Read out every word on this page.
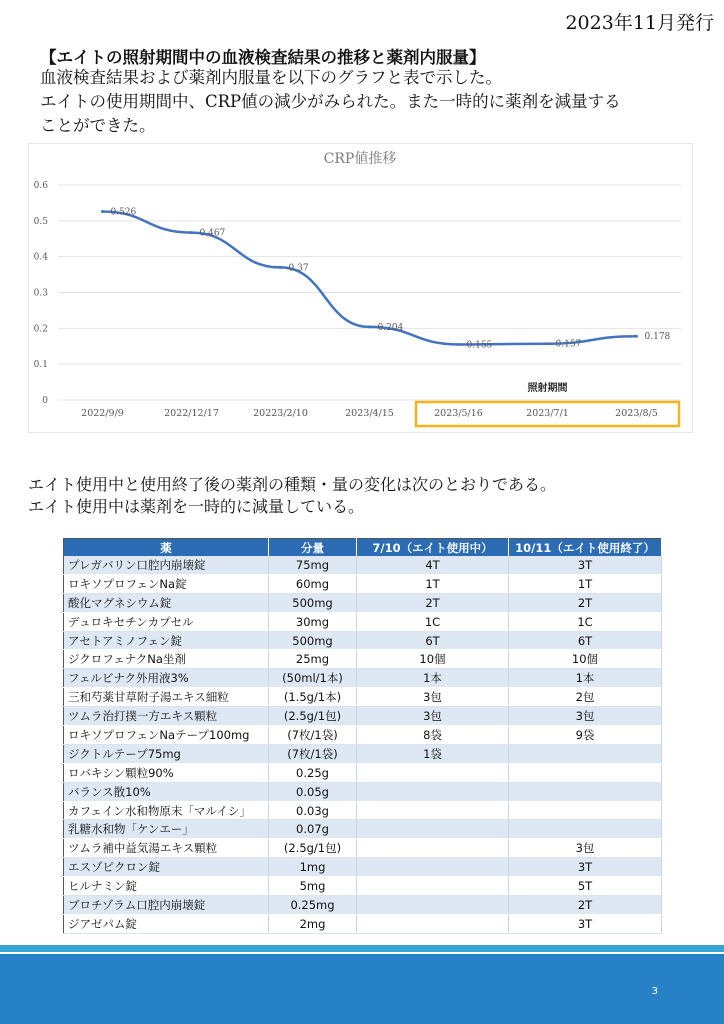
2023年11月発行
【エイトの照射期間中の血液検査結果の推移と薬剤内服量】

血液検査結果および薬剤内服量を以下のグラフと表で示した。

エイトの使用期間中、CRP値の減少がみられた。また一時的に薬剤を減量する

ことができた。

CRP値推移
0
0.1
0.2
0.3
0.4
0.5
0.6
2022/9/9	2022/12/17	20223/2/10	2023/4/15	2023/5/16	2023/7/1	2023/8/5
照射期間
0.526
0.467
0.37
0.204
0.155	0.157
0.178

エイト使用中と使用終了後の薬剤の種類・量の変化は次のとおりである。

エイト使用中は薬剤を一時的に減量している。

薬	分量	7/10（エイト使用中）	10/11（エイト使用終了）
プレガバリン口腔内崩壊錠	75mg	4T	3T
ロキソプロフェンNa錠	60mg	1T	1T
酸化マグネシウム錠	500mg	2T	2T
デュロキセチンカプセル	30mg	1C	1C
アセトアミノフェン錠	500mg	6T	6T
ジクロフェナクNa坐剤	25mg	10個	10個
フェルビナク外用液3%	(50ml/1本)	1本	1本
三和芍薬甘草附子湯エキス細粒	(1.5g/1本)	3包	2包
ツムラ治打撲一方エキス顆粒	(2.5g/1包)	3包	3包
ロキソプロフェンNaテープ100mg	(7枚/1袋)	8袋	9袋
ジクトルテープ75mg	(7枚/1袋)	1袋	
ロバキシン顆粒90%	0.25g		
バランス散10%	0.05g		
カフェイン水和物原末「マルイシ」	0.03g		
乳糖水和物「ケンエー」	0.07g		
ツムラ補中益気湯エキス顆粒	(2.5g/1包)		3包
エスゾピクロン錠	1mg		3T
ヒルナミン錠	5mg		5T
ブロチゾラム口腔内崩壊錠	0.25mg		2T
ジアゼパム錠	2mg		3T
3
